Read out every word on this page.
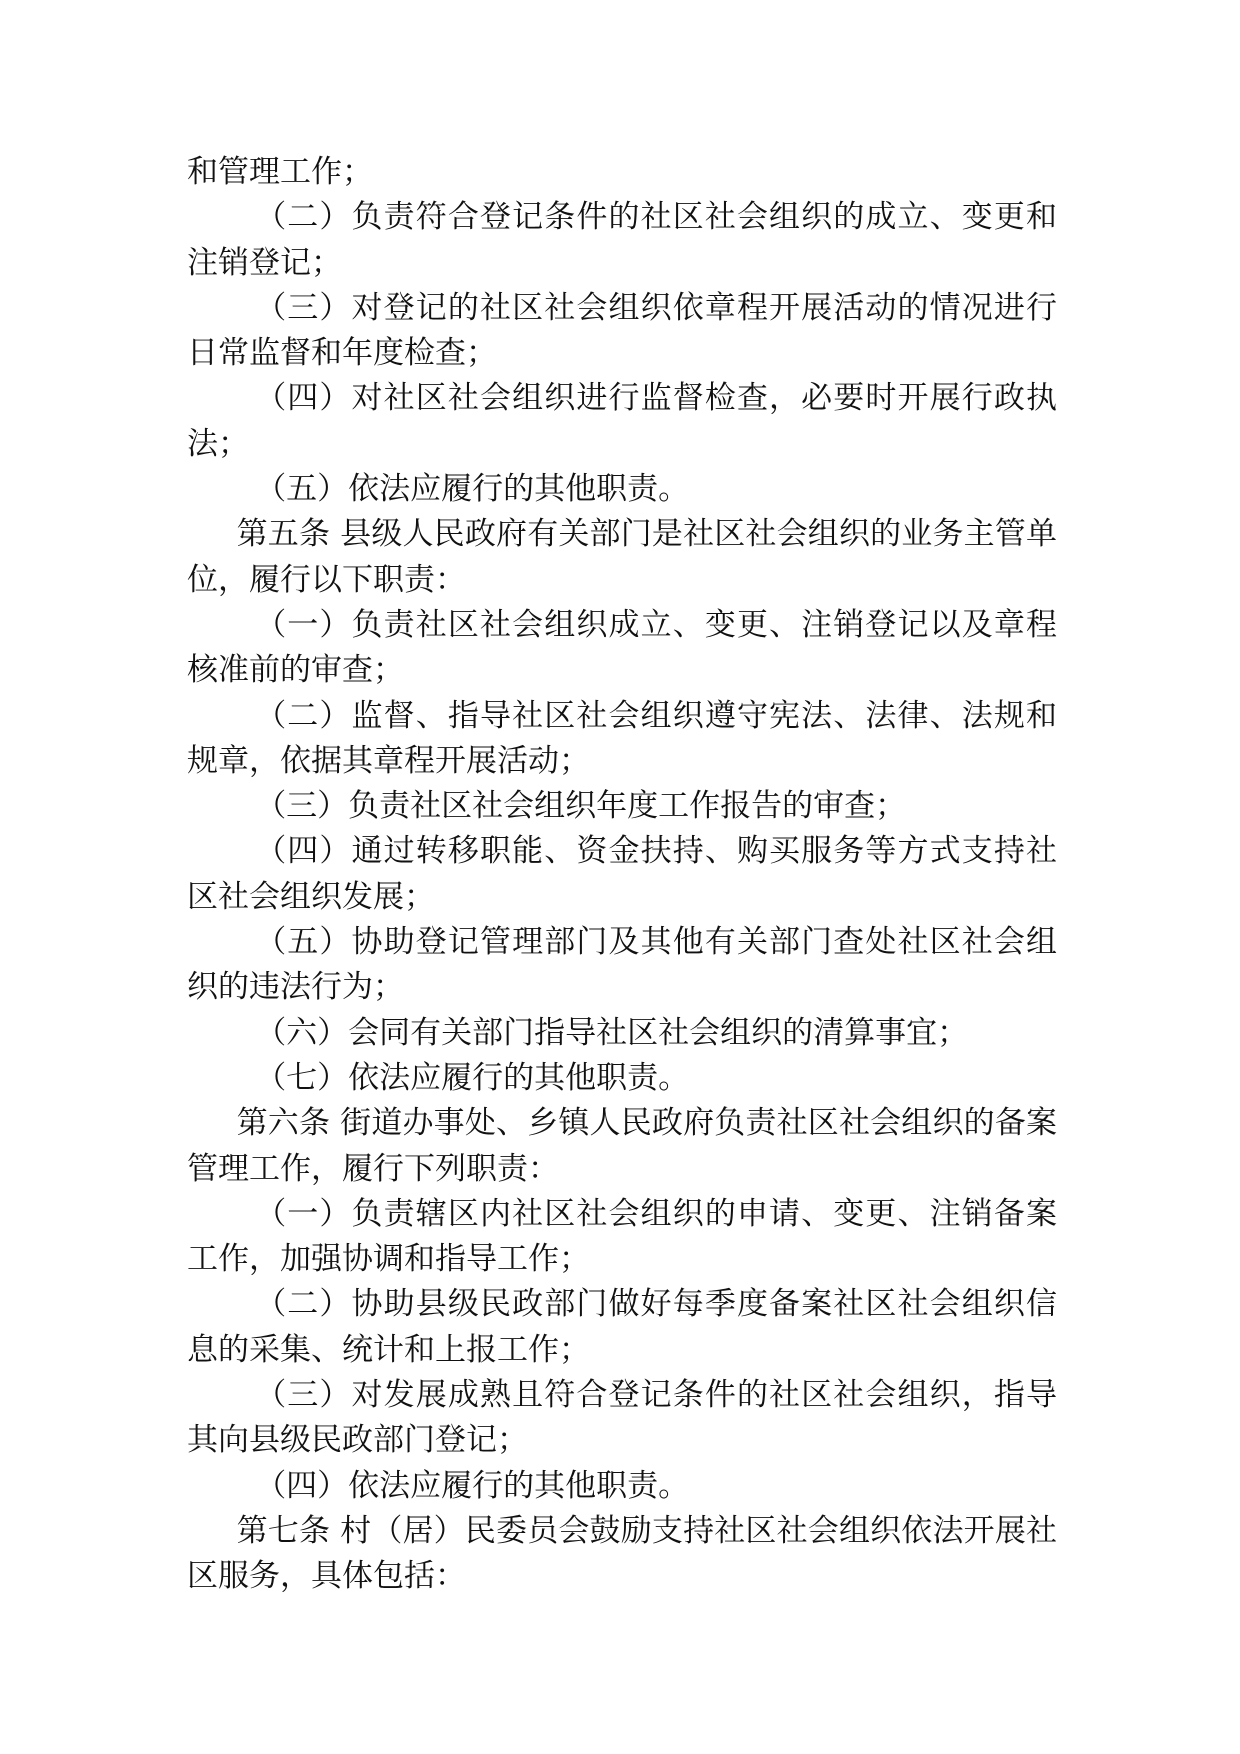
和管理工作；

（二）负责符合登记条件的社区社会组织的成立、变更和注销登记；

（三）对登记的社区社会组织依章程开展活动的情况进行日常监督和年度检查；

（四）对社区社会组织进行监督检查，必要时开展行政执法；

（五）依法应履行的其他职责。

第五条 县级人民政府有关部门是社区社会组织的业务主管单位，履行以下职责：

（一）负责社区社会组织成立、变更、注销登记以及章程核准前的审查；

（二）监督、指导社区社会组织遵守宪法、法律、法规和规章，依据其章程开展活动；

（三）负责社区社会组织年度工作报告的审查；

（四）通过转移职能、资金扶持、购买服务等方式支持社区社会组织发展；

（五）协助登记管理部门及其他有关部门查处社区社会组织的违法行为；

（六）会同有关部门指导社区社会组织的清算事宜；

（七）依法应履行的其他职责。

第六条 街道办事处、乡镇人民政府负责社区社会组织的备案管理工作，履行下列职责：

（一）负责辖区内社区社会组织的申请、变更、注销备案工作，加强协调和指导工作；

（二）协助县级民政部门做好每季度备案社区社会组织信息的采集、统计和上报工作；

（三）对发展成熟且符合登记条件的社区社会组织，指导其向县级民政部门登记；

（四）依法应履行的其他职责。

第七条 村（居）民委员会鼓励支持社区社会组织依法开展社区服务，具体包括：
